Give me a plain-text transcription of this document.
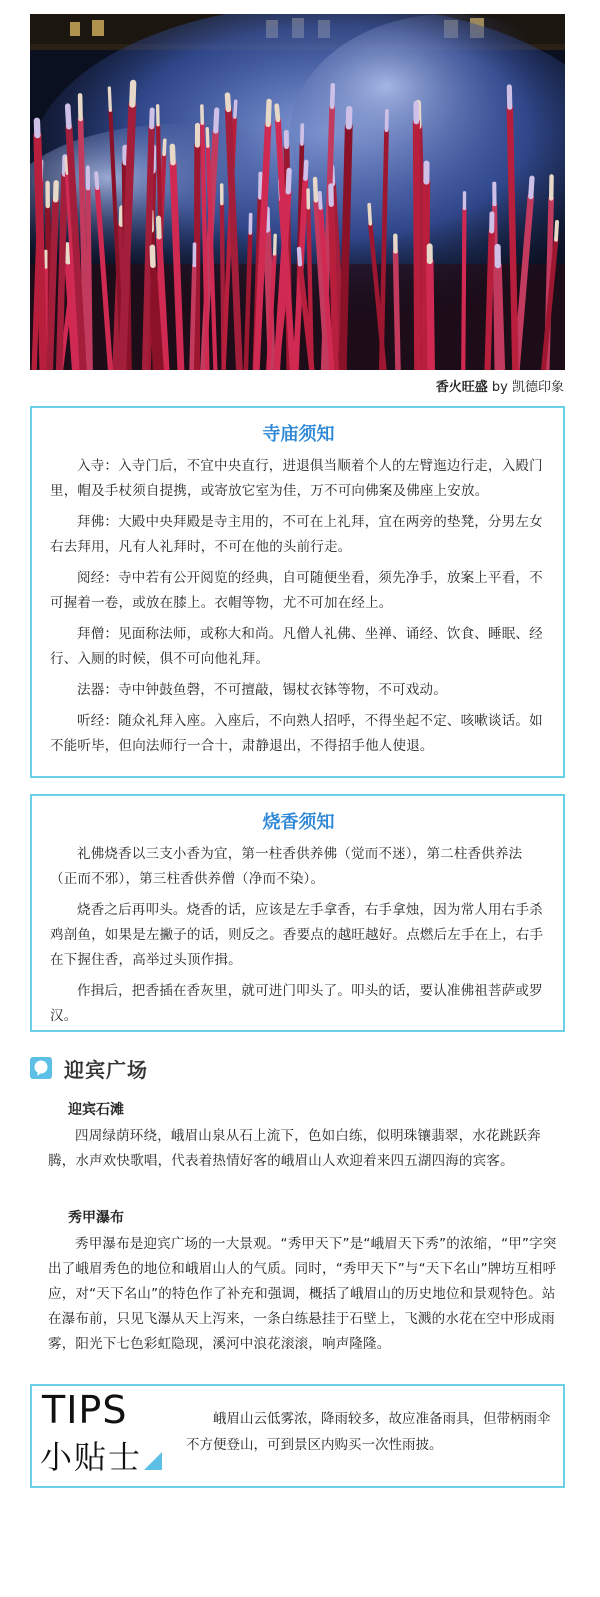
香火旺盛 by 凯德印象
寺庙须知

入寺：入寺门后，不宜中央直行，进退俱当顺着个人的左臂迤边行走，入殿门里，帽及手杖须自提携，或寄放它室为佳，万不可向佛案及佛座上安放。

拜佛：大殿中央拜殿是寺主用的，不可在上礼拜，宜在两旁的垫凳，分男左女右去拜用，凡有人礼拜时，不可在他的头前行走。

阅经：寺中若有公开阅览的经典，自可随便坐看，须先净手，放案上平看，不可握着一卷，或放在膝上。衣帽等物，尤不可加在经上。

拜僧：见面称法师，或称大和尚。凡僧人礼佛、坐禅、诵经、饮食、睡眠、经行、入厕的时候，俱不可向他礼拜。

法器：寺中钟鼓鱼磬，不可擅敲，锡杖衣钵等物，不可戏动。

听经：随众礼拜入座。入座后，不向熟人招呼，不得坐起不定、咳嗽谈话。如不能听毕，但向法师行一合十，肃静退出，不得招手他人使退。

烧香须知

礼佛烧香以三支小香为宜，第一柱香供养佛（觉而不迷），第二柱香供养法（正而不邪），第三柱香供养僧（净而不染）。

烧香之后再叩头。烧香的话，应该是左手拿香，右手拿烛，因为常人用右手杀鸡剖鱼，如果是左撇子的话，则反之。香要点的越旺越好。点燃后左手在上，右手在下握住香，高举过头顶作揖。

作揖后，把香插在香灰里，就可进门叩头了。叩头的话，要认准佛祖菩萨或罗汉。

迎宾广场
迎宾石滩

四周绿荫环绕，峨眉山泉从石上流下，色如白练，似明珠镶翡翠，水花跳跃奔腾，水声欢快歌唱，代表着热情好客的峨眉山人欢迎着来四五湖四海的宾客。

秀甲瀑布

秀甲瀑布是迎宾广场的一大景观。“秀甲天下”是“峨眉天下秀”的浓缩，“甲”字突出了峨眉秀色的地位和峨眉山人的气质。同时，“秀甲天下”与“天下名山”牌坊互相呼应，对“天下名山”的特色作了补充和强调，概括了峨眉山的历史地位和景观特色。站在瀑布前，只见飞瀑从天上泻来，一条白练悬挂于石壁上，飞溅的水花在空中形成雨雾，阳光下七色彩虹隐现，溪河中浪花滚滚，响声隆隆。

TIPS
小贴士
峨眉山云低雾浓，降雨较多，故应准备雨具，但带柄雨伞不方便登山，可到景区内购买一次性雨披。
